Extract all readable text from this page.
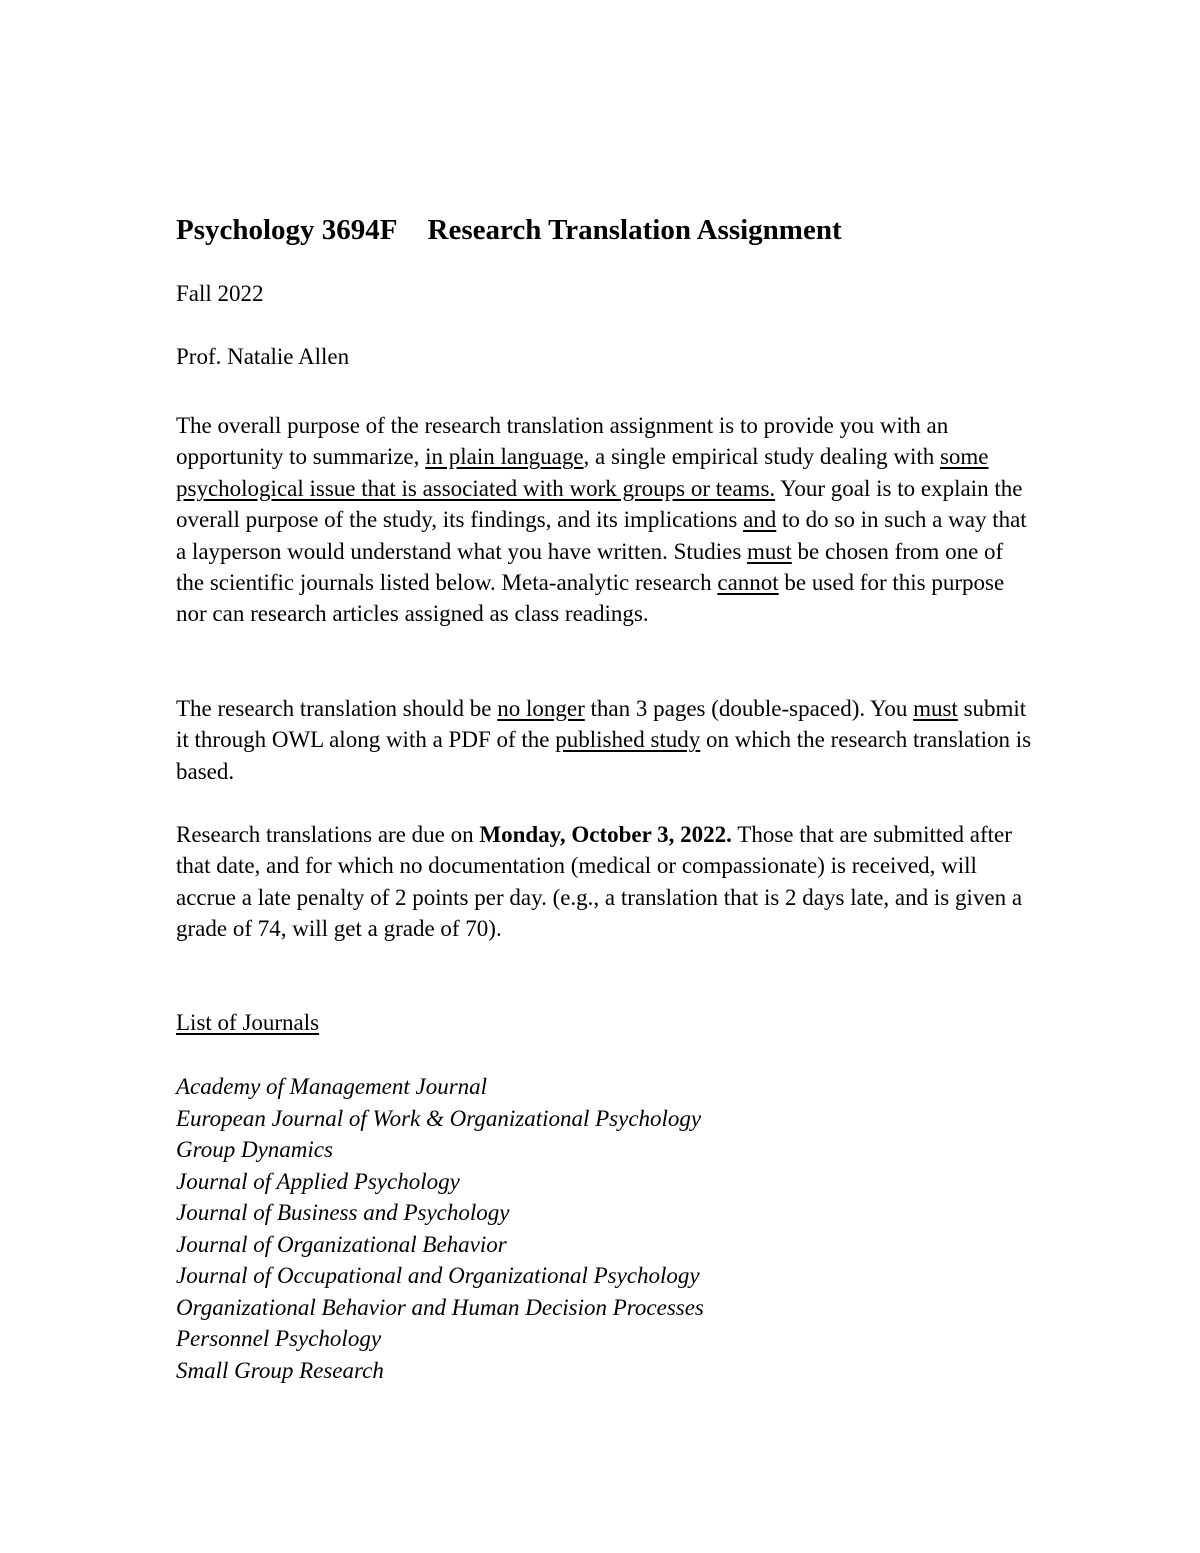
Psychology 3694F Research Translation Assignment

Fall 2022

Prof. Natalie Allen

The overall purpose of the research translation assignment is to provide you with an opportunity to summarize, in plain language, a single empirical study dealing with some psychological issue that is associated with work groups or teams. Your goal is to explain the overall purpose of the study, its findings, and its implications and to do so in such a way that a layperson would understand what you have written. Studies must be chosen from one of the scientific journals listed below. Meta-analytic research cannot be used for this purpose nor can research articles assigned as class readings.

The research translation should be no longer than 3 pages (double-spaced). You must submit it through OWL along with a PDF of the published study on which the research translation is based.

Research translations are due on Monday, October 3, 2022. Those that are submitted after that date, and for which no documentation (medical or compassionate) is received, will accrue a late penalty of 2 points per day. (e.g., a translation that is 2 days late, and is given a grade of 74, will get a grade of 70).

List of Journals

Academy of Management Journal
European Journal of Work & Organizational Psychology
Group Dynamics
Journal of Applied Psychology
Journal of Business and Psychology
Journal of Organizational Behavior
Journal of Occupational and Organizational Psychology
Organizational Behavior and Human Decision Processes
Personnel Psychology
Small Group Research
